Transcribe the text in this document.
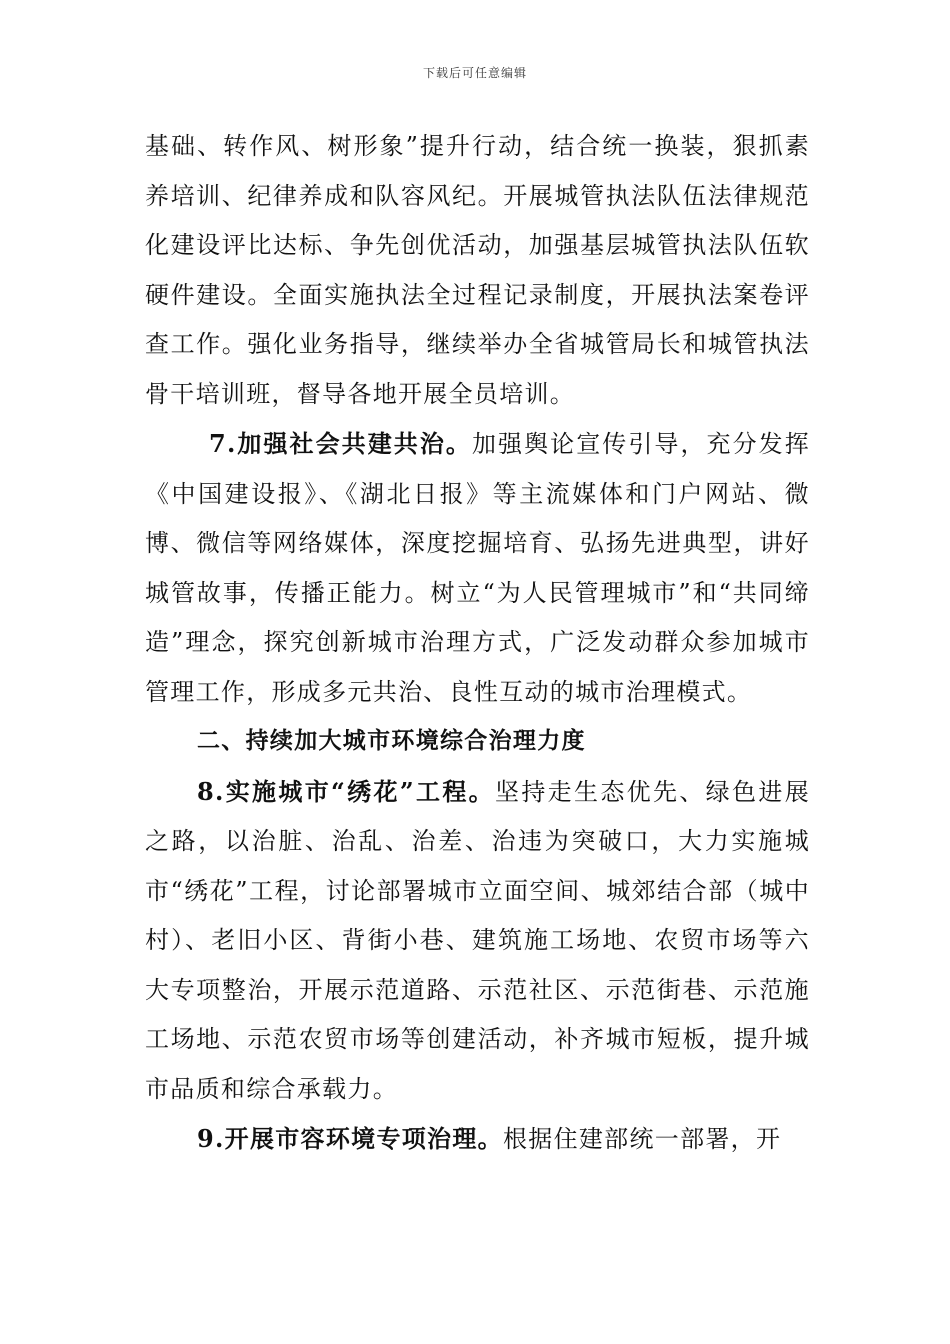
下载后可任意编辑

基础、转作风、树形象”提升行动，结合统一换装，狠抓素养培训、纪律养成和队容风纪。开展城管执法队伍法律规范化建设评比达标、争先创优活动，加强基层城管执法队伍软硬件建设。全面实施执法全过程记录制度，开展执法案卷评查工作。强化业务指导，继续举办全省城管局长和城管执法骨干培训班，督导各地开展全员培训。

7.加强社会共建共治。加强舆论宣传引导，充分发挥《中国建设报》、《湖北日报》等主流媒体和门户网站、微博、微信等网络媒体，深度挖掘培育、弘扬先进典型，讲好城管故事，传播正能力。树立“为人民管理城市”和“共同缔造”理念，探究创新城市治理方式，广泛发动群众参加城市管理工作，形成多元共治、良性互动的城市治理模式。

二、持续加大城市环境综合治理力度

8.实施城市“绣花”工程。坚持走生态优先、绿色进展之路，以治脏、治乱、治差、治违为突破口，大力实施城市“绣花”工程，讨论部署城市立面空间、城郊结合部（城中村）、老旧小区、背街小巷、建筑施工场地、农贸市场等六大专项整治，开展示范道路、示范社区、示范街巷、示范施工场地、示范农贸市场等创建活动，补齐城市短板，提升城市品质和综合承载力。

9.开展市容环境专项治理。根据住建部统一部署，开
